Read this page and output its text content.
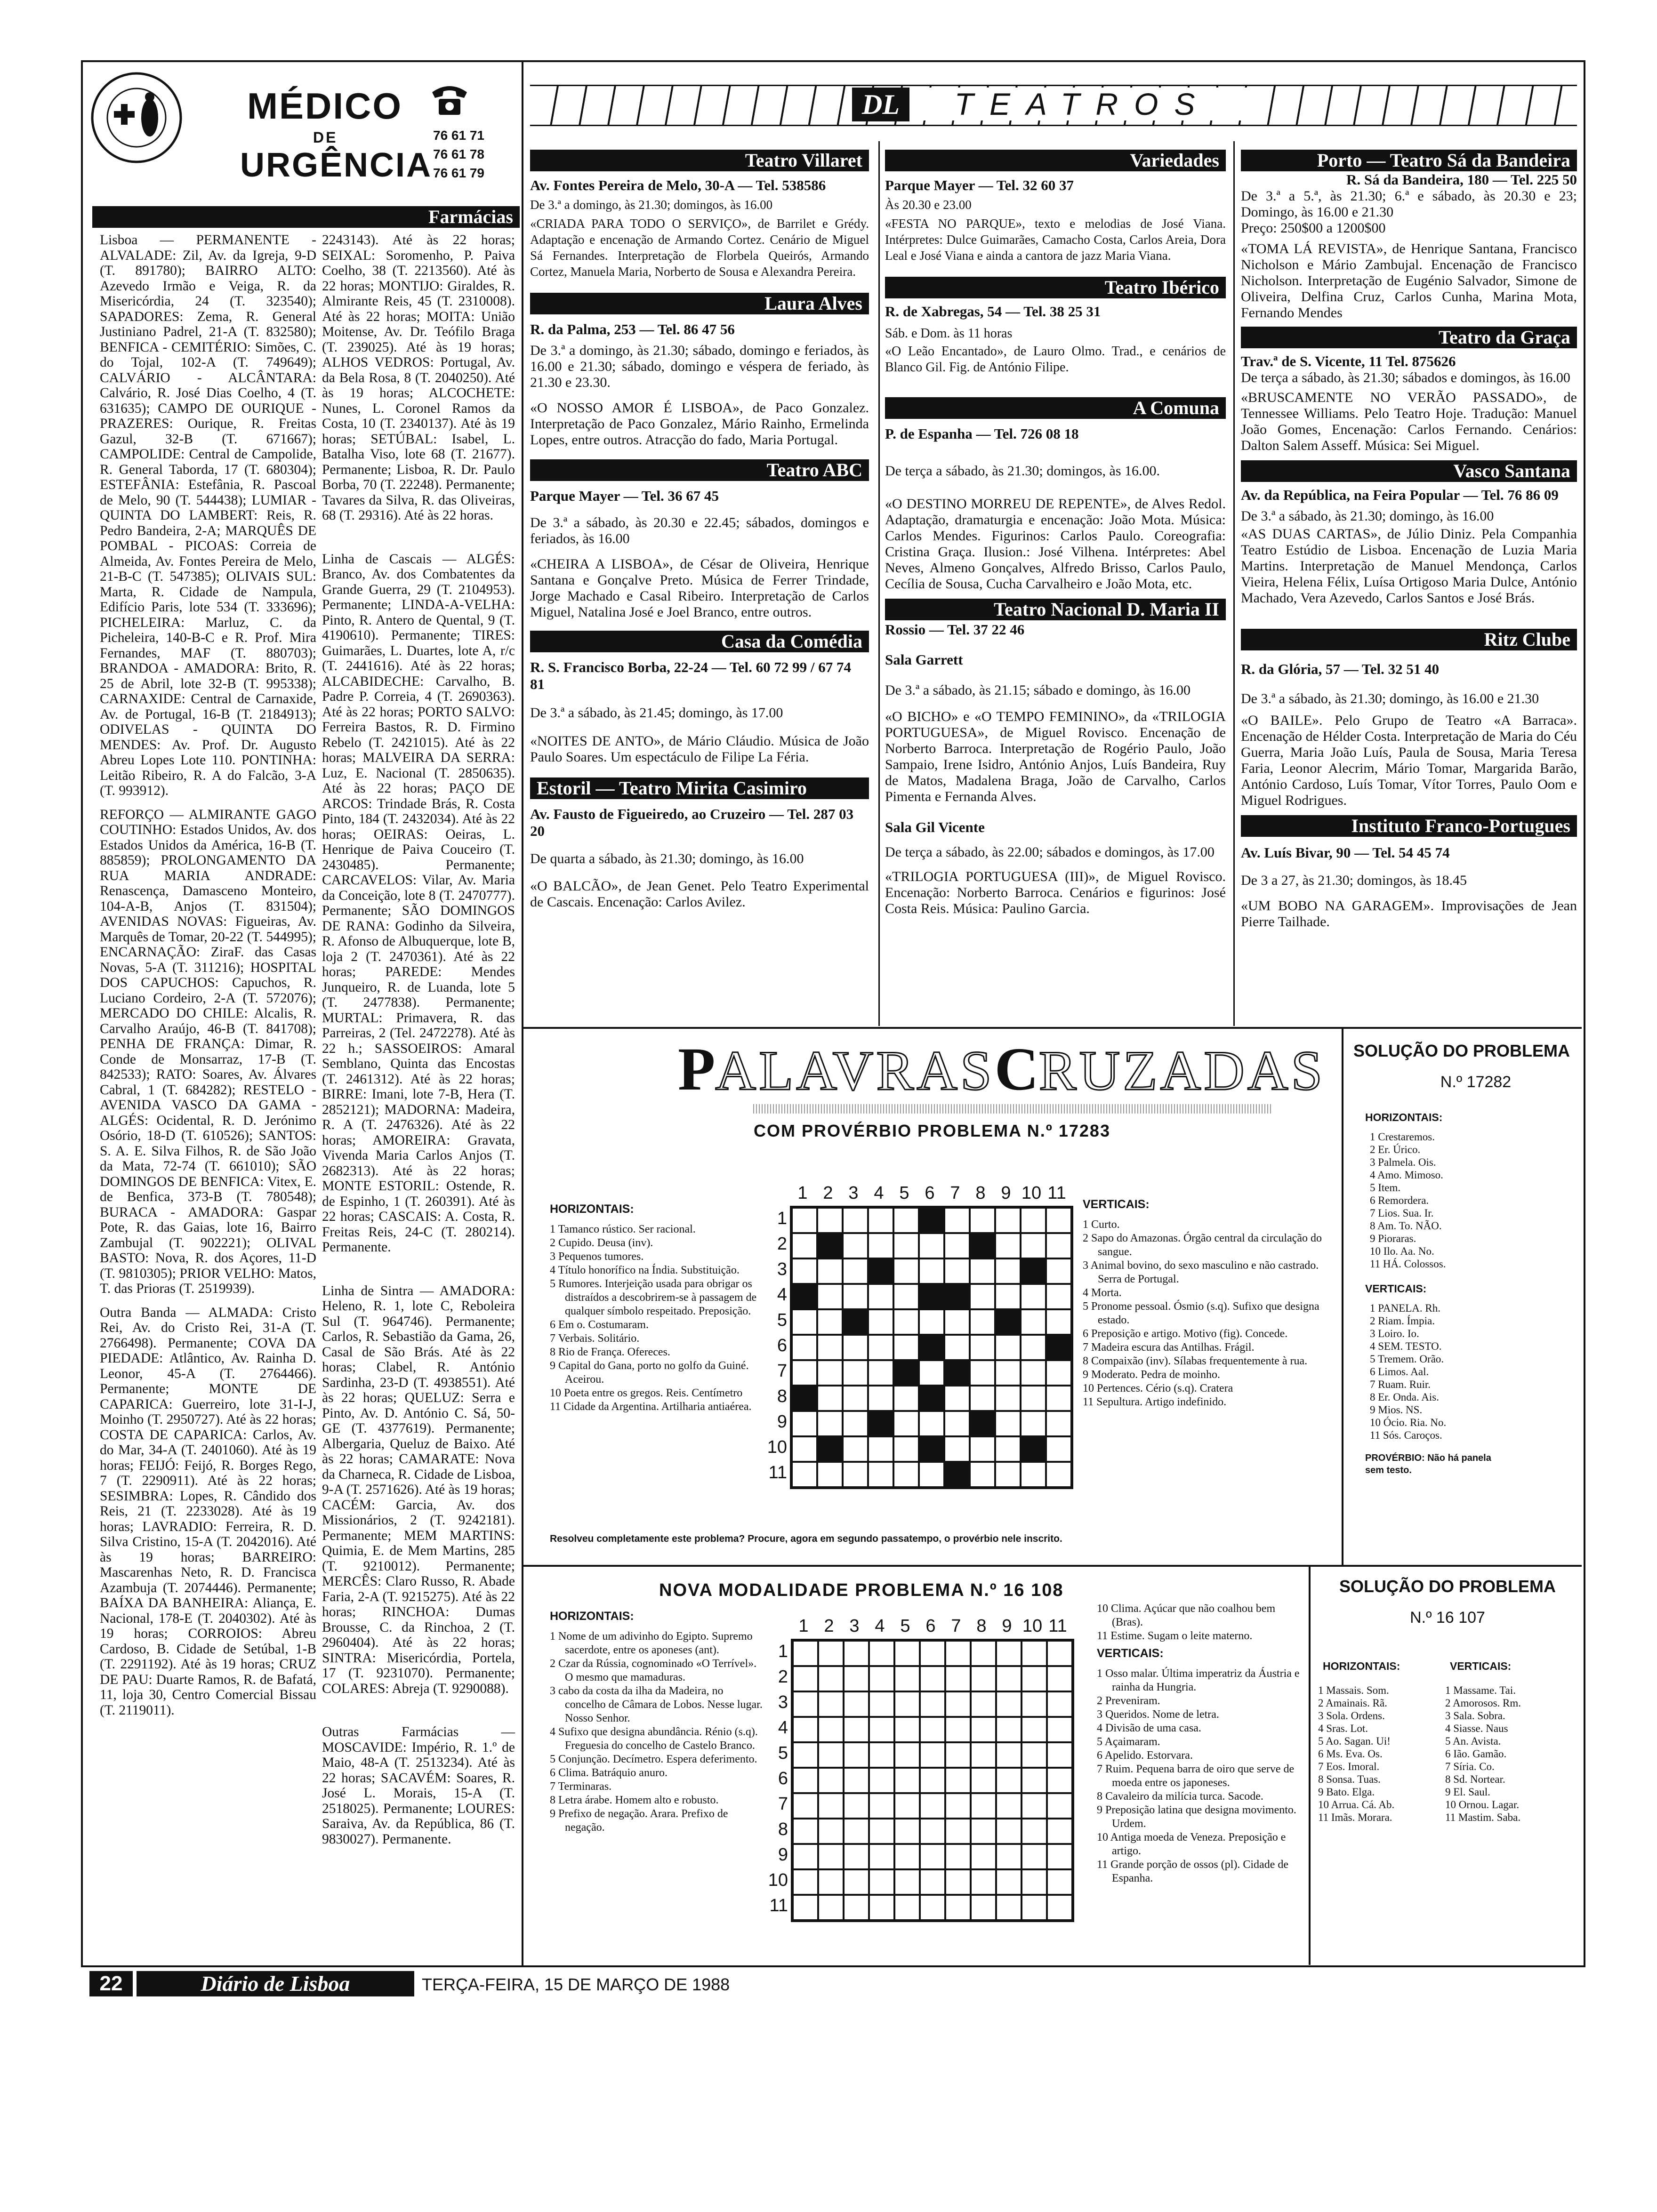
MÉDICO
DE
URGÊNCIA
76 61 71
76 61 78
76 61 79
Farmácias

Lisboa — PERMANENTE - ALVALADE: Zil, Av. da Igreja, 9-D (T. 891780); BAIRRO ALTO: Azevedo Irmão e Veiga, R. da Misericórdia, 24 (T. 323540); SAPADORES: Zema, R. General Justiniano Padrel, 21-A (T. 832580); BENFICA - CEMITÉRIO: Simões, C. do Tojal, 102-A (T. 749649); CALVÁRIO - ALCÂNTARA: Calvário, R. José Dias Coelho, 4 (T. 631635); CAMPO DE OURIQUE - PRAZERES: Ourique, R. Freitas Gazul, 32-B (T. 671667); CAMPOLIDE: Central de Campolide, R. General Taborda, 17 (T. 680304); ESTEFÂNIA: Estefânia, R. Pascoal de Melo, 90 (T. 544438); LUMIAR - QUINTA DO LAMBERT: Reis, R. Pedro Bandeira, 2-A; MARQUÊS DE POMBAL - PICOAS: Correia de Almeida, Av. Fontes Pereira de Melo, 21-B-C (T. 547385); OLIVAIS SUL: Marta, R. Cidade de Nampula, Edifício Paris, lote 534 (T. 333696); PICHELEIRA: Marluz, C. da Picheleira, 140-B-C e R. Prof. Mira Fernandes, MAF (T. 880703); BRANDOA - AMADORA: Brito, R. 25 de Abril, lote 32-B (T. 995338); CARNAXIDE: Central de Carnaxide, Av. de Portugal, 16-B (T. 2184913); ODIVELAS - QUINTA DO MENDES: Av. Prof. Dr. Augusto Abreu Lopes Lote 110. PONTINHA: Leitão Ribeiro, R. A do Falcão, 3-A (T. 993912).

REFORÇO — ALMIRANTE GAGO COUTINHO: Estados Unidos, Av. dos Estados Unidos da América, 16-B (T. 885859); PROLONGAMENTO DA RUA MARIA ANDRADE: Renascença, Damasceno Monteiro, 104-A-B, Anjos (T. 831504); AVENIDAS NOVAS: Figueiras, Av. Marquês de Tomar, 20-22 (T. 544995); ENCARNAÇÃO: ZiraF. das Casas Novas, 5-A (T. 311216); HOSPITAL DOS CAPUCHOS: Capuchos, R. Luciano Cordeiro, 2-A (T. 572076); MERCADO DO CHILE: Alcalis, R. Carvalho Araújo, 46-B (T. 841708); PENHA DE FRANÇA: Dimar, R. Conde de Monsarraz, 17-B (T. 842533); RATO: Soares, Av. Álvares Cabral, 1 (T. 684282); RESTELO - AVENIDA VASCO DA GAMA - ALGÉS: Ocidental, R. D. Jerónimo Osório, 18-D (T. 610526); SANTOS: S. A. E. Silva Filhos, R. de São João da Mata, 72-74 (T. 661010); SÃO DOMINGOS DE BENFICA: Vitex, E. de Benfica, 373-B (T. 780548); BURACA - AMADORA: Gaspar Pote, R. das Gaias, lote 16, Bairro Zambujal (T. 902221); OLIVAL BASTO: Nova, R. dos Açores, 11-D (T. 9810305); PRIOR VELHO: Matos, T. das Prioras (T. 2519939).

Outra Banda — ALMADA: Cristo Rei, Av. do Cristo Rei, 31-A (T. 2766498). Permanente; COVA DA PIEDADE: Atlântico, Av. Rainha D. Leonor, 45-A (T. 2764466). Permanente; MONTE DE CAPARICA: Guerreiro, lote 31-I-J, Moinho (T. 2950727). Até às 22 horas; COSTA DE CAPARICA: Carlos, Av. do Mar, 34-A (T. 2401060). Até às 19 horas; FEIJÓ: Feijó, R. Borges Rego, 7 (T. 2290911). Até às 22 horas; SESIMBRA: Lopes, R. Cândido dos Reis, 21 (T. 2233028). Até às 19 horas; LAVRADIO: Ferreira, R. D. Silva Cristino, 15-A (T. 2042016). Até às 19 horas; BARREIRO: Mascarenhas Neto, R. D. Francisca Azambuja (T. 2074446). Permanente; BAÍXA DA BANHEIRA: Aliança, E. Nacional, 178-E (T. 2040302). Até às 19 horas; CORROIOS: Abreu Cardoso, B. Cidade de Setúbal, 1-B (T. 2291192). Até às 19 horas; CRUZ DE PAU: Duarte Ramos, R. de Bafatá, 11, loja 30, Centro Comercial Bissau (T. 2119011).

2243143). Até às 22 horas; SEIXAL: Soromenho, P. Paiva Coelho, 38 (T. 2213560). Até às 22 horas; MONTIJO: Giraldes, R. Almirante Reis, 45 (T. 2310008). Até às 22 horas; MOITA: União Moitense, Av. Dr. Teófilo Braga (T. 239025). Até às 19 horas; ALHOS VEDROS: Portugal, Av. da Bela Rosa, 8 (T. 2040250). Até às 19 horas; ALCOCHETE: Nunes, L. Coronel Ramos da Costa, 10 (T. 2340137). Até às 19 horas; SETÚBAL: Isabel, L. Batalha Viso, lote 68 (T. 21677). Permanente; Lisboa, R. Dr. Paulo Borba, 70 (T. 22248). Permanente; Tavares da Silva, R. das Oliveiras, 68 (T. 29316). Até às 22 horas.

Linha de Cascais — ALGÉS: Branco, Av. dos Combatentes da Grande Guerra, 29 (T. 2104953). Permanente; LINDA-A-VELHA: Pinto, R. Antero de Quental, 9 (T. 4190610). Permanente; TIRES: Guimarães, L. Duartes, lote A, r/c (T. 2441616). Até às 22 horas; ALCABIDECHE: Carvalho, B. Padre P. Correia, 4 (T. 2690363). Até às 22 horas; PORTO SALVO: Ferreira Bastos, R. D. Firmino Rebelo (T. 2421015). Até às 22 horas; MALVEIRA DA SERRA: Luz, E. Nacional (T. 2850635). Até às 22 horas; PAÇO DE ARCOS: Trindade Brás, R. Costa Pinto, 184 (T. 2432034). Até às 22 horas; OEIRAS: Oeiras, L. Henrique de Paiva Couceiro (T. 2430485). Permanente; CARCAVELOS: Vilar, Av. Maria da Conceição, lote 8 (T. 2470777). Permanente; SÃO DOMINGOS DE RANA: Godinho da Silveira, R. Afonso de Albuquerque, lote B, loja 2 (T. 2470361). Até às 22 horas; PAREDE: Mendes Junqueiro, R. de Luanda, lote 5 (T. 2477838). Permanente; MURTAL: Primavera, R. das Parreiras, 2 (Tel. 2472278). Até às 22 h.; SASSOEIROS: Amaral Semblano, Quinta das Encostas (T. 2461312). Até às 22 horas; BIRRE: Imani, lote 7-B, Hera (T. 2852121); MADORNA: Madeira, R. A (T. 2476326). Até às 22 horas; AMOREIRA: Gravata, Vivenda Maria Carlos Anjos (T. 2682313). Até às 22 horas; MONTE ESTORIL: Ostende, R. de Espinho, 1 (T. 260391). Até às 22 horas; CASCAIS: A. Costa, R. Freitas Reis, 24-C (T. 280214). Permanente.

Linha de Sintra — AMADORA: Heleno, R. 1, lote C, Reboleira Sul (T. 964746). Permanente; Carlos, R. Sebastião da Gama, 26, Casal de São Brás. Até às 22 horas; Clabel, R. António Sardinha, 23-D (T. 4938551). Até às 22 horas; QUELUZ: Serra e Pinto, Av. D. António C. Sá, 50-GE (T. 4377619). Permanente; Albergaria, Queluz de Baixo. Até às 22 horas; CAMARATE: Nova da Charneca, R. Cidade de Lisboa, 9-A (T. 2571626). Até às 19 horas; CACÉM: Garcia, Av. dos Missionários, 2 (T. 9242181). Permanente; MEM MARTINS: Quimia, E. de Mem Martins, 285 (T. 9210012). Permanente; MERCÊS: Claro Russo, R. Abade Faria, 2-A (T. 9215275). Até às 22 horas; RINCHOA: Dumas Brousse, C. da Rinchoa, 2 (T. 2960404). Até às 22 horas; SINTRA: Misericórdia, Portela, 17 (T. 9231070). Permanente; COLARES: Abreja (T. 9290088).

Outras Farmácias — MOSCAVIDE: Império, R. 1.º de Maio, 48-A (T. 2513234). Até às 22 horas; SACAVÉM: Soares, R. José L. Morais, 15-A (T. 2518025). Permanente; LOURES: Saraiva, Av. da República, 86 (T. 9830027). Permanente.

DL	TEATROS
Teatro Villaret
Av. Fontes Pereira de Melo, 30-A — Tel. 538586
De 3.ª a domingo, às 21.30; domingos, às 16.00
«CRIADA PARA TODO O SERVIÇO», de Barrilet e Grédy. Adaptação e encenação de Armando Cortez. Cenário de Miguel Sá Fernandes. Interpretação de Florbela Queirós, Armando Cortez, Manuela Maria, Norberto de Sousa e Alexandra Pereira.
Laura Alves
R. da Palma, 253 — Tel. 86 47 56
De 3.ª a domingo, às 21.30; sábado, domingo e feriados, às 16.00 e 21.30; sábado, domingo e véspera de feriado, às 21.30 e 23.30.
«O NOSSO AMOR É LISBOA», de Paco Gonzalez. Interpretação de Paco Gonzalez, Mário Rainho, Ermelinda Lopes, entre outros. Atracção do fado, Maria Portugal.
Teatro ABC
Parque Mayer — Tel. 36 67 45
De 3.ª a sábado, às 20.30 e 22.45; sábados, domingos e feriados, às 16.00
«CHEIRA A LISBOA», de César de Oliveira, Henrique Santana e Gonçalve Preto. Música de Ferrer Trindade, Jorge Machado e Casal Ribeiro. Interpretação de Carlos Miguel, Natalina José e Joel Branco, entre outros.
Casa da Comédia
R. S. Francisco Borba, 22-24 — Tel. 60 72 99 / 67 74 81
De 3.ª a sábado, às 21.45; domingo, às 17.00
«NOITES DE ANTO», de Mário Cláudio. Música de João Paulo Soares. Um espectáculo de Filipe La Féria.
Estoril — Teatro Mirita Casimiro
Av. Fausto de Figueiredo, ao Cruzeiro — Tel. 287 03 20
De quarta a sábado, às 21.30; domingo, às 16.00
«O BALCÃO», de Jean Genet. Pelo Teatro Experimental de Cascais. Encenação: Carlos Avilez.
Variedades
Parque Mayer — Tel. 32 60 37
Às 20.30 e 23.00
«FESTA NO PARQUE», texto e melodias de José Viana. Intérpretes: Dulce Guimarães, Camacho Costa, Carlos Areia, Dora Leal e José Viana e ainda a cantora de jazz Maria Viana.
Teatro Ibérico
R. de Xabregas, 54 — Tel. 38 25 31
Sáb. e Dom. às 11 horas
«O Leão Encantado», de Lauro Olmo. Trad., e cenários de Blanco Gil. Fig. de António Filipe.
A Comuna
P. de Espanha — Tel. 726 08 18
De terça a sábado, às 21.30; domingos, às 16.00.
«O DESTINO MORREU DE REPENTE», de Alves Redol. Adaptação, dramaturgia e encenação: João Mota. Música: Carlos Mendes. Figurinos: Carlos Paulo. Coreografia: Cristina Graça. Ilusion.: José Vilhena. Intérpretes: Abel Neves, Almeno Gonçalves, Alfredo Brisso, Carlos Paulo, Cecília de Sousa, Cucha Carvalheiro e João Mota, etc.
Teatro Nacional D. Maria II
Rossio — Tel. 37 22 46
Sala Garrett
De 3.ª a sábado, às 21.15; sábado e domingo, às 16.00
«O BICHO» e «O TEMPO FEMININO», da «TRILOGIA PORTUGUESA», de Miguel Rovisco. Encenação de Norberto Barroca. Interpretação de Rogério Paulo, João Sampaio, Irene Isidro, António Anjos, Luís Bandeira, Ruy de Matos, Madalena Braga, João de Carvalho, Carlos Pimenta e Fernanda Alves.
Sala Gil Vicente
De terça a sábado, às 22.00; sábados e domingos, às 17.00
«TRILOGIA PORTUGUESA (III)», de Miguel Rovisco. Encenação: Norberto Barroca. Cenários e figurinos: José Costa Reis. Música: Paulino Garcia.
Porto — Teatro Sá da Bandeira
R. Sá da Bandeira, 180 — Tel. 225 50
De 3.ª a 5.ª, às 21.30; 6.ª e sábado, às 20.30 e 23; Domingo, às 16.00 e 21.30
Preço: 250$00 a 1200$00
«TOMA LÁ REVISTA», de Henrique Santana, Francisco Nicholson e Mário Zambujal. Encenação de Francisco Nicholson. Interpretação de Eugénio Salvador, Simone de Oliveira, Delfina Cruz, Carlos Cunha, Marina Mota, Fernando Mendes
Teatro da Graça
Trav.ª de S. Vicente, 11 Tel. 875626
De terça a sábado, às 21.30; sábados e domingos, às 16.00
«BRUSCAMENTE NO VERÃO PASSADO», de Tennessee Williams. Pelo Teatro Hoje. Tradução: Manuel João Gomes, Encenação: Carlos Fernando. Cenários: Dalton Salem Asseff. Música: Sei Miguel.
Vasco Santana
Av. da República, na Feira Popular — Tel. 76 86 09
De 3.ª a sábado, às 21.30; domingo, às 16.00
«AS DUAS CARTAS», de Júlio Diniz. Pela Companhia Teatro Estúdio de Lisboa. Encenação de Luzia Maria Martins. Interpretação de Manuel Mendonça, Carlos Vieira, Helena Félix, Luísa Ortigoso Maria Dulce, António Machado, Vera Azevedo, Carlos Santos e José Brás.
Ritz Clube
R. da Glória, 57 — Tel. 32 51 40
De 3.ª a sábado, às 21.30; domingo, às 16.00 e 21.30
«O BAILE». Pelo Grupo de Teatro «A Barraca». Encenação de Hélder Costa. Interpretação de Maria do Céu Guerra, Maria João Luís, Paula de Sousa, Maria Teresa Faria, Leonor Alecrim, Mário Tomar, Margarida Barão, António Cardoso, Luís Tomar, Vítor Torres, Paulo Oom e Miguel Rodrigues.
Instituto Franco-Portugues
Av. Luís Bivar, 90 — Tel. 54 45 74
De 3 a 27, às 21.30; domingos, às 18.45
«UM BOBO NA GARAGEM». Improvisações de Jean Pierre Tailhade.
PALAVRASCRUZADAS
COM PROVÉRBIO PROBLEMA N.º 17283
HORIZONTAIS:
1 Tamanco rústico. Ser racional.
2 Cupido. Deusa (inv).
3 Pequenos tumores.
4 Título honorífico na Índia. Substituição.
5 Rumores. Interjeição usada para obrigar os distraídos a descobrirem-se à passagem de qualquer símbolo respeitado. Preposição.
6 Em o. Costumaram.
7 Verbais. Solitário.
8 Rio de França. Ofereces.
9 Capital do Gana, porto no golfo da Guiné. Aceirou.
10 Poeta entre os gregos. Reis. Centímetro
11 Cidade da Argentina. Artilharia antiaérea.
VERTICAIS:
1 Curto.
2 Sapo do Amazonas. Órgão central da circulação do sangue.
3 Animal bovino, do sexo masculino e não castrado. Serra de Portugal.
4 Morta.
5 Pronome pessoal. Ósmio (s.q). Sufixo que designa estado.
6 Preposição e artigo. Motivo (fig). Concede.
7 Madeira escura das Antilhas. Frágil.
8 Compaixão (inv). Sílabas frequentemente à rua.
9 Moderato. Pedra de moinho.
10 Pertences. Cério (s.q). Cratera
11 Sepultura. Artigo indefinido.
1 2 3 4 5 6 7 8 9 10 11
1
2
3
4
5
6
7
8
9
10
11
Resolveu completamente este problema? Procure, agora em segundo passatempo, o provérbio nele inscrito.
SOLUÇÃO DO PROBLEMA
N.º 17282
HORIZONTAIS:
1 Crestaremos.
2 Er. Úrico.
3 Palmela. Ois.
4 Amo. Mimoso.
5 Item.
6 Remordera.
7 Lios. Sua. Ir.
8 Am. To. NÃO.
9 Pioraras.
10 Ilo. Aa. No.
11 HÁ. Colossos.
VERTICAIS:
1 PANELA. Rh.
2 Riam. Ímpia.
3 Loiro. Io.
4 SEM. TESTO.
5 Tremem. Orão.
6 Limos. Aal.
7 Ruam. Ruir.
8 Er. Onda. Ais.
9 Mios. NS.
10 Ócio. Ria. No.
11 Sós. Caroços.
PROVÉRBIO: Não há panela sem testo.
NOVA MODALIDADE PROBLEMA N.º 16 108
HORIZONTAIS:
1 Nome de um adivinho do Egipto. Supremo sacerdote, entre os aponeses (ant).
2 Czar da Rússia, cognominado «O Terrível». O mesmo que mamaduras.
3 cabo da costa da ilha da Madeira, no concelho de Câmara de Lobos. Nesse lugar. Nosso Senhor.
4 Sufixo que designa abundância. Rénio (s.q). Freguesia do concelho de Castelo Branco.
5 Conjunção. Decímetro. Espera deferimento.
6 Clima. Batráquio anuro.
7 Terminaras.
8 Letra árabe. Homem alto e robusto.
9 Prefixo de negação. Arara. Prefixo de negação.
10 Clima. Açúcar que não coalhou bem (Bras).
11 Estime. Sugam o leite materno.
VERTICAIS:
1 Osso malar. Última imperatriz da Áustria e rainha da Hungria.
2 Preveniram.
3 Queridos. Nome de letra.
4 Divisão de uma casa.
5 Açaimaram.
6 Apelido. Estorvara.
7 Ruim. Pequena barra de oiro que serve de moeda entre os japoneses.
8 Cavaleiro da milícia turca. Sacode.
9 Preposição latina que designa movimento. Urdem.
10 Antiga moeda de Veneza. Preposição e artigo.
11 Grande porção de ossos (pl). Cidade de Espanha.
1 2 3 4 5 6 7 8 9 10 11
1
2
3
4
5
6
7
8
9
10
11
SOLUÇÃO DO PROBLEMA
N.º 16 107
HORIZONTAIS:
1 Massais. Som.
2 Amainais. Rã.
3 Sola. Ordens.
4 Sras. Lot.
5 Ao. Sagan. Ui!
6 Ms. Eva. Os.
7 Eos. Imoral.
8 Sonsa. Tuas.
9 Bato. Elga.
10 Arrua. Cá. Ab.
11 Imãs. Morara.
VERTICAIS:
1 Massame. Tai.
2 Amorosos. Rm.
3 Sala. Sobra.
4 Siasse. Naus
5 An. Avista.
6 Ião. Gamão.
7 Síria. Co.
8 Sd. Nortear.
9 El. Saul.
10 Ornou. Lagar.
11 Mastim. Saba.
22	Diário de Lisboa	TERÇA-FEIRA, 15 DE MARÇO DE 1988
